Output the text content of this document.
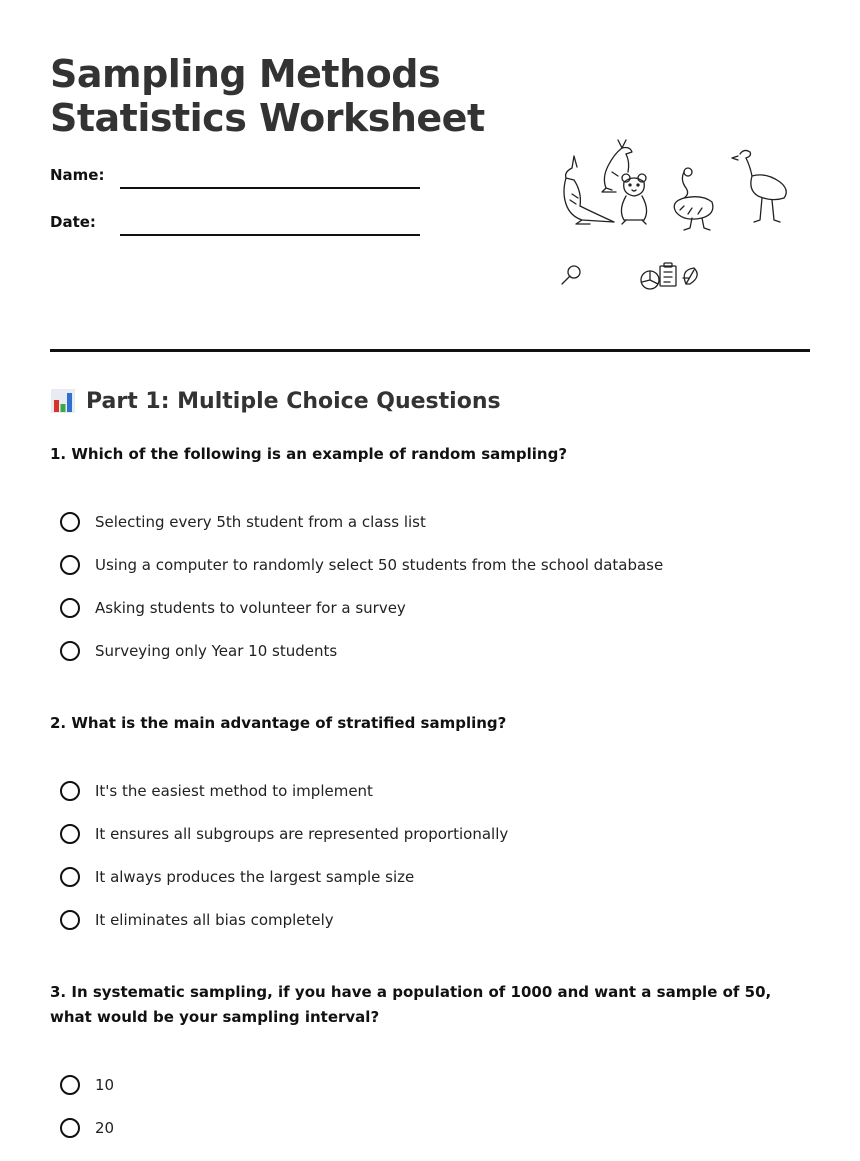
Sampling Methods
Statistics Worksheet
Name:
Date:
Part 1: Multiple Choice Questions

1. Which of the following is an example of random sampling?

Selecting every 5th student from a class list
Using a computer to randomly select 50 students from the school database
Asking students to volunteer for a survey
Surveying only Year 10 students

2. What is the main advantage of stratified sampling?

It's the easiest method to implement
It ensures all subgroups are represented proportionally
It always produces the largest sample size
It eliminates all bias completely

3. In systematic sampling, if you have a population of 1000 and want a sample of 50, what would be your sampling interval?

10
20
